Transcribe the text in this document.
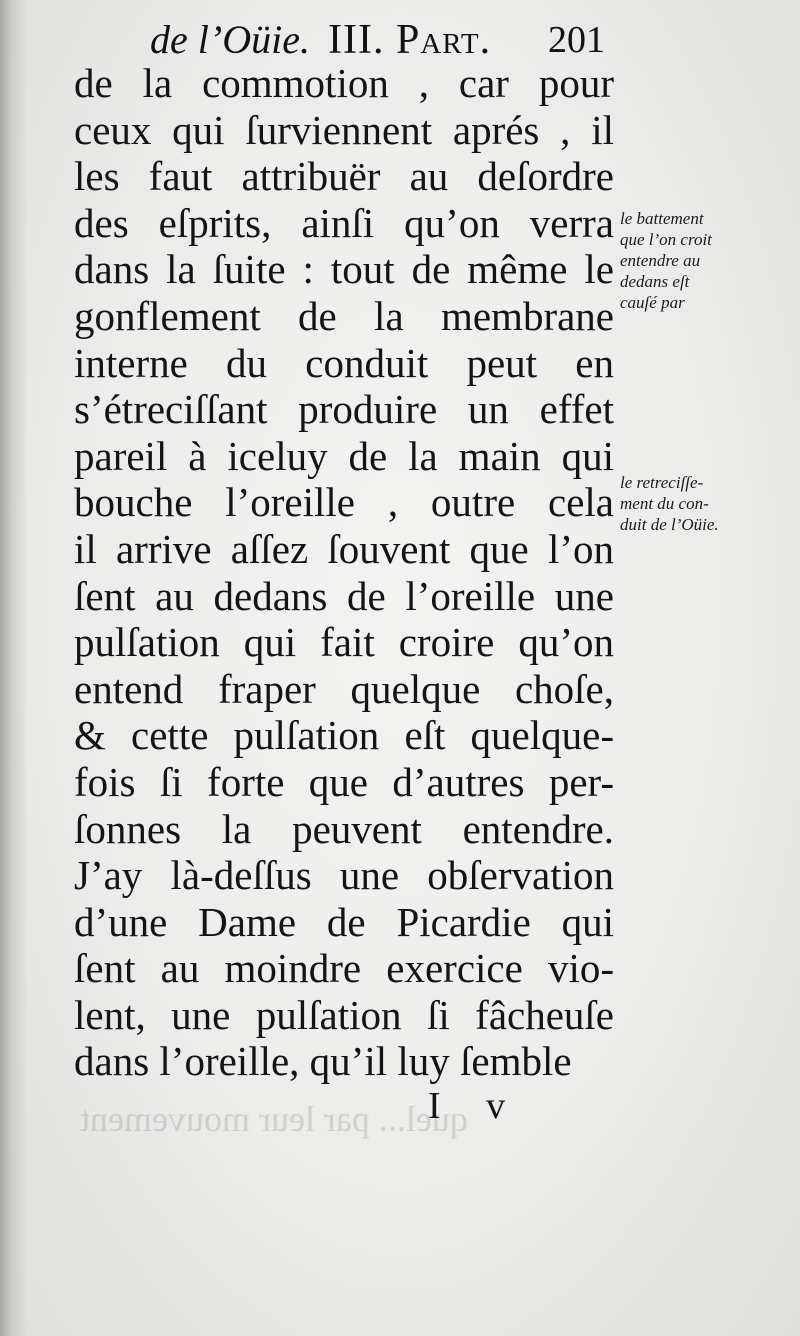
de l’Oüie. III. Part. 201
de la commotion , car pour
ceux qui ſurviennent aprés , il
les faut attribuër au deſordre
des eſprits, ainſi qu’on verra
dans la ſuite : tout de même le
gonflement de la membrane
interne du conduit peut en
s’étreciſſant produire un effet
pareil à iceluy de la main qui
bouche l’oreille , outre cela
il arrive aſſez ſouvent que l’on
ſent au dedans de l’oreille une
pulſation qui fait croire qu’on
entend fraper quelque choſe,
& cette pulſation eſt quelque-
fois ſi forte que d’autres per-
ſonnes la peuvent entendre.
J’ay là-deſſus une obſervation
d’une Dame de Picardie qui
ſent au moindre exercice vio-
lent, une pulſation ſi fâcheuſe
dans l’oreille, qu’il luy ſemble
le battement
que l’on croit
entendre au
dedans eſt
cauſé par
le retreciſſe-
ment du con-
duit de l’Oüie.
quel... par leur mouvement
I v
